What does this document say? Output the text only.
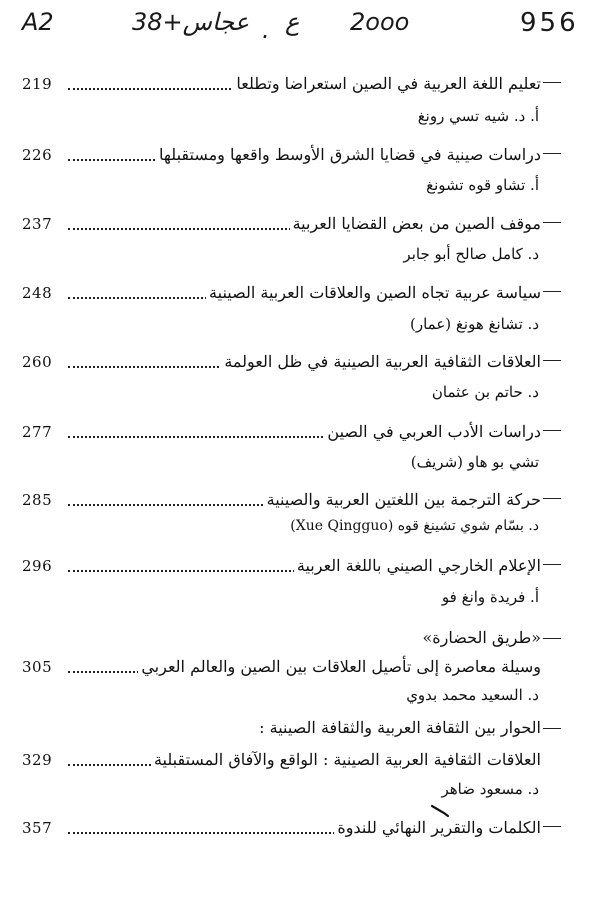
A2	عجاس+38 . ع 2ooo	956
219	تعليم اللغة العربية في الصين استعراضا وتطلعا
أ. د. شيه تسي رونغ
226	دراسات صينية في قضايا الشرق الأوسط واقعها ومستقبلها
أ. تشاو قوه تشونغ
237	موقف الصين من بعض القضايا العربية
د. كامل صالح أبو جابر
248	سياسة عربية تجاه الصين والعلاقات العربية الصينية
د. تشانغ هونغ (عمار)
260	العلاقات الثقافية العربية الصينية في ظل العولمة
د. حاتم بن عثمان
277	دراسات الأدب العربي في الصين
تشي بو هاو (شريف)
285	حركة الترجمة بين اللغتين العربية والصينية
د. بسّام شوي تشينغ قوه (Xue Qingguo)
296	الإعلام الخارجي الصيني باللغة العربية
أ. فريدة وانغ فو
«طريق الحضارة»
305	وسيلة معاصرة إلى تأصيل العلاقات بين الصين والعالم العربي
د. السعيد محمد بدوي
الحوار بين الثقافة العربية والثقافة الصينية :
329	العلاقات الثقافية العربية الصينية : الواقع والآفاق المستقبلية
د. مسعود ضاهر
357	الكلمات والتقرير النهائي للندوة
